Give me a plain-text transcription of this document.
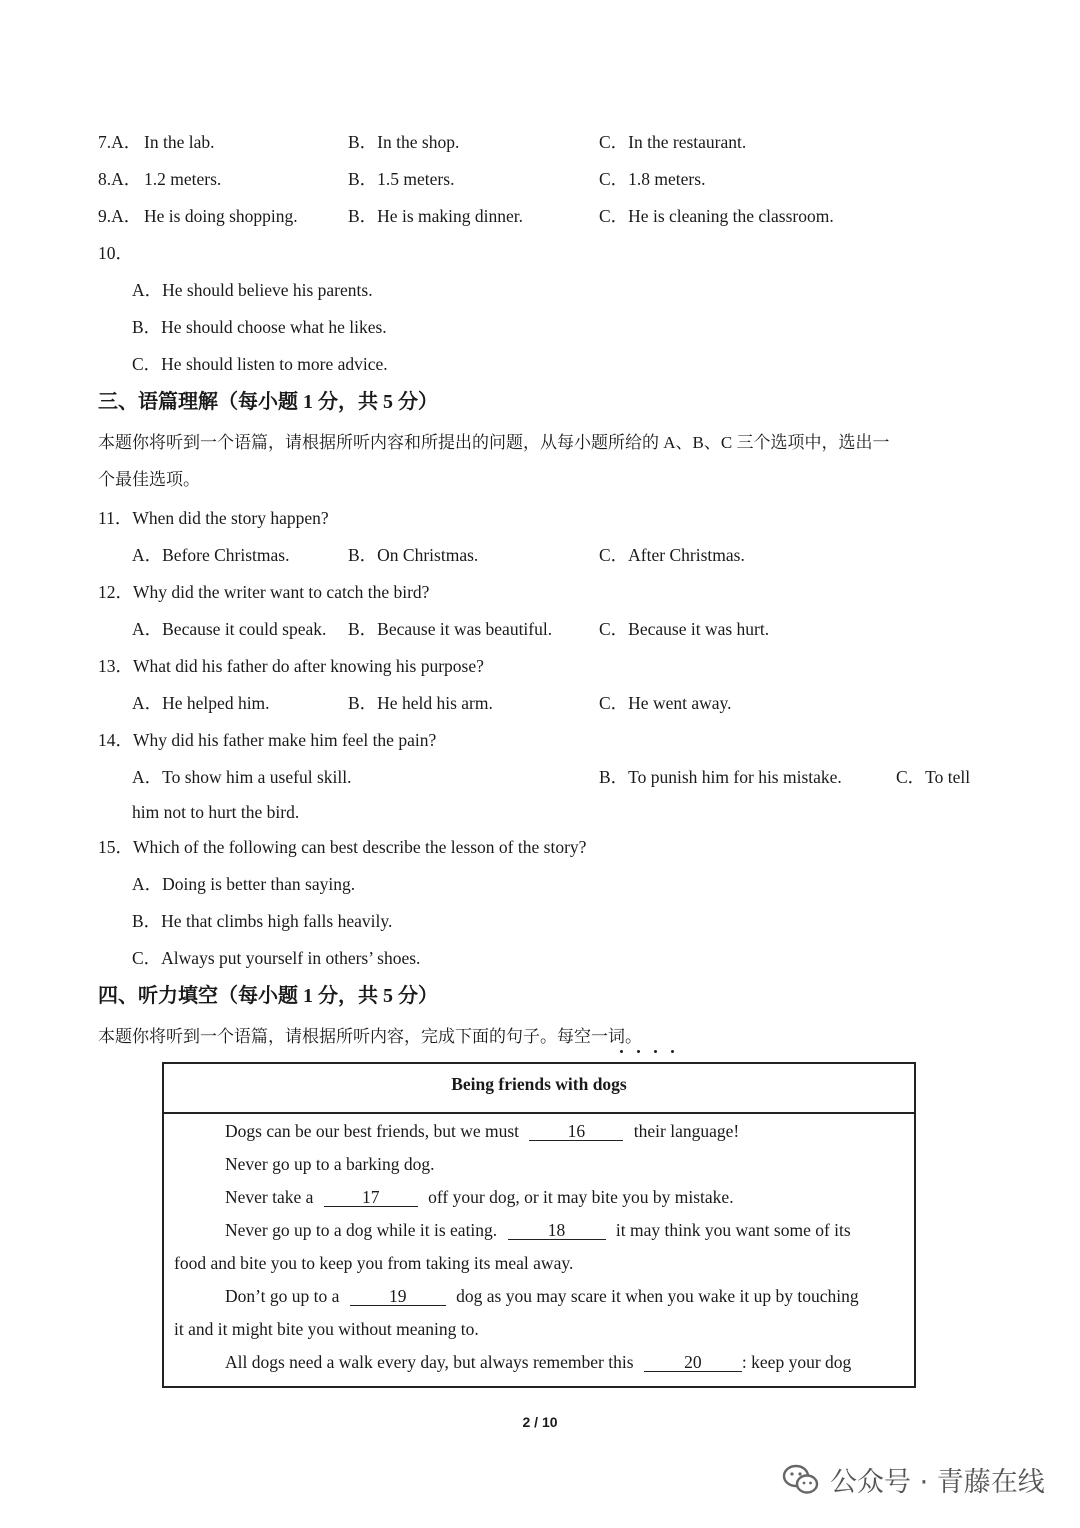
7.A． In the lab.	B．In the shop.	C．In the restaurant.
8.A． 1.2 meters.	B．1.5 meters.	C．1.8 meters.
9.A． He is doing shopping.	B．He is making dinner.	C．He is cleaning the classroom.
10．
A．He should believe his parents.
B．He should choose what he likes.
C．He should listen to more advice.
三、语篇理解（每小题 1 分，共 5 分）
本题你将听到一个语篇，请根据所听内容和所提出的问题，从每小题所给的 A、B、C 三个选项中，选出一
个最佳选项。
11．When did the story happen?
A．Before Christmas.	B．On Christmas.	C．After Christmas.
12．Why did the writer want to catch the bird?
A．Because it could speak. B．Because it was beautiful.	C．Because it was hurt.
13．What did his father do after knowing his purpose?
A．He helped him.	B．He held his arm.	C．He went away.
14．Why did his father make him feel the pain?
A．To show him a useful skill.	B．To punish him for his mistake.	C．To tell
him not to hurt the bird.
15．Which of the following can best describe the lesson of the story?
A．Doing is better than saying.
B．He that climbs high falls heavily.
C．Always put yourself in others’ shoes.
四、听力填空（每小题 1 分，共 5 分）
本题你将听到一个语篇，请根据所听内容，完成下面的句子。每空一词。
Being friends with dogs
Dogs can be our best friends, but we must	16	their language!
Never go up to a barking dog.
Never take a	17	off your dog, or it may bite you by mistake.
Never go up to a dog while it is eating.	18	it may think you want some of its
food and bite you to keep you from taking its meal away.
Don’t go up to a	19	dog as you may scare it when you wake it up by touching
it and it might bite you without meaning to.
All dogs need a walk every day, but always remember this	20 : keep your dog
2 / 10
公众号 · 青藤在线
